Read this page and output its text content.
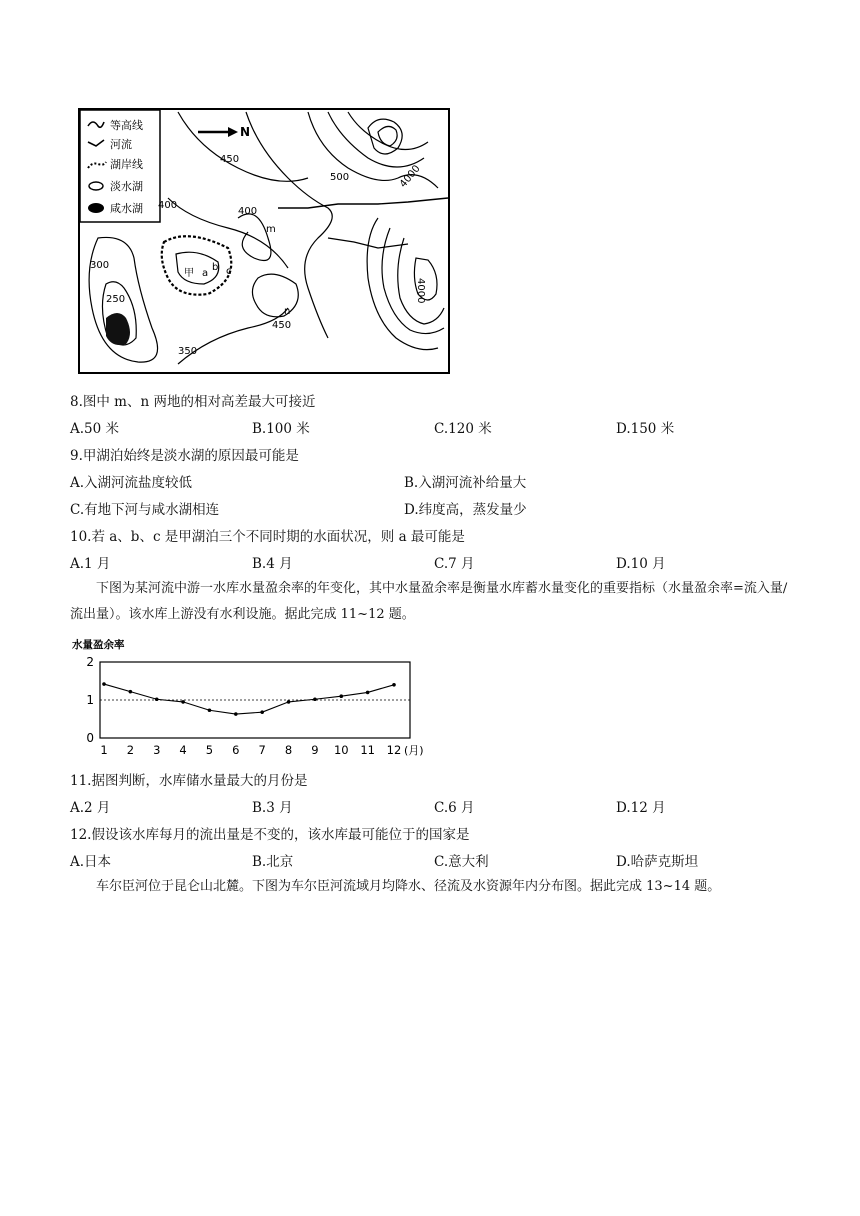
等高线
河流
湖岸线
淡水湖
咸水湖
N
450
500	4000
400
400
m
300
250
甲 a
b c
n
450
350
4000
8.图中 m、n 两地的相对高差最大可接近
A.50 米	B.100 米	C.120 米	D.150 米
9.甲湖泊始终是淡水湖的原因最可能是
A.入湖河流盐度较低	B.入湖河流补给量大
C.有地下河与咸水湖相连	D.纬度高，蒸发量少
10.若 a、b、c 是甲湖泊三个不同时期的水面状况，则 a 最可能是
A.1 月	B.4 月	C.7 月	D.10 月
下图为某河流中游一水库水量盈余率的年变化，其中水量盈余率是衡量水库蓄水量变化的重要指标（水量盈余率=流入量/流出量）。该水库上游没有水利设施。据此完成 11~12 题。
水量盈余率
0
1
2
1 2 3 4 5 6 7 8 9 10 11 12 (月)
11.据图判断，水库储水量最大的月份是
A.2 月	B.3 月	C.6 月	D.12 月
12.假设该水库每月的流出量是不变的，该水库最可能位于的国家是
A.日本	B.北京	C.意大利	D.哈萨克斯坦
车尔臣河位于昆仑山北麓。下图为车尔臣河流域月均降水、径流及水资源年内分布图。据此完成 13~14 题。
